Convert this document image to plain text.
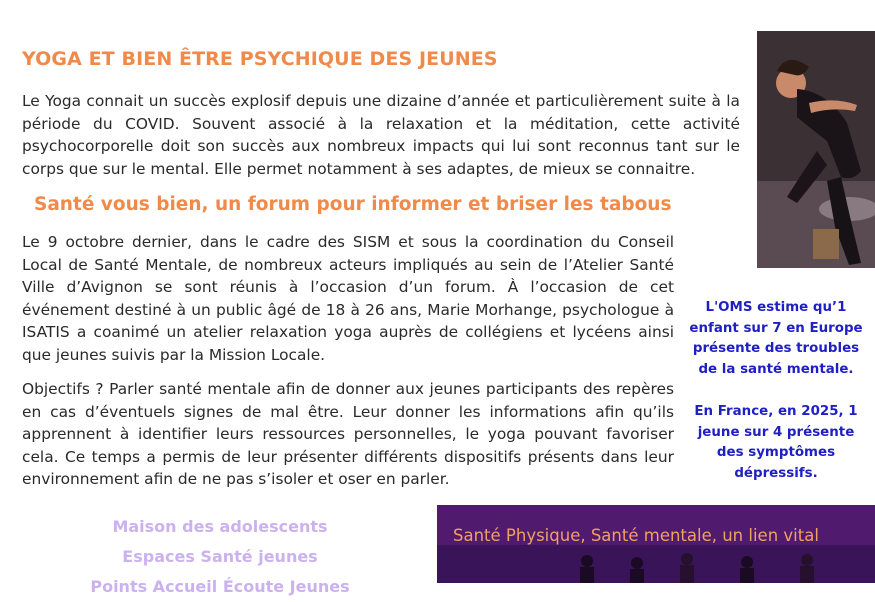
YOGA ET BIEN ÊTRE PSYCHIQUE DES JEUNES

Le Yoga connait un succès explosif depuis une dizaine d’année et particulièrement suite à la période du COVID. Souvent associé à la relaxation et la méditation, cette activité psychocorporelle doit son succès aux nombreux impacts qui lui sont reconnus tant sur le corps que sur le mental. Elle permet notamment à ses adaptes, de mieux se connaitre.

Santé vous bien, un forum pour informer et briser les tabous

Le 9 octobre dernier, dans le cadre des SISM et sous la coordination du Conseil Local de Santé Mentale, de nombreux acteurs impliqués au sein de l’Atelier Santé Ville d’Avignon se sont réunis à l’occasion d’un forum. À l’occasion de cet événement destiné à un public âgé de 18 à 26 ans, Marie Morhange, psychologue à ISATIS a coanimé un atelier relaxation yoga auprès de collégiens et lycéens ainsi que jeunes suivis par la Mission Locale.

Objectifs ? Parler santé mentale afin de donner aux jeunes participants des repères en cas d’éventuels signes de mal être. Leur donner les informations afin qu’ils apprennent à identifier leurs ressources personnelles, le yoga pouvant favoriser cela. Ce temps a permis de leur présenter différents dispositifs présents dans leur environnement afin de ne pas s’isoler et oser en parler.

L'OMS estime qu’1 enfant sur 7 en Europe présente des troubles de la santé mentale.

En France, en 2025, 1 jeune sur 4 présente des symptômes dépressifs.

Maison des adolescents
Espaces Santé jeunes
Points Accueil Écoute Jeunes
Santé Physique, Santé mentale, un lien vital
